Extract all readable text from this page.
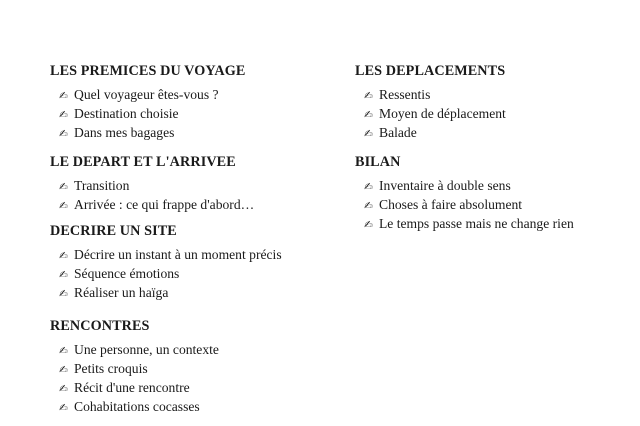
LES PREMICES DU VOYAGE
✍ Quel voyageur êtes-vous ?
✍ Destination choisie
✍ Dans mes bagages
LE DEPART ET L'ARRIVEE
✍ Transition
✍ Arrivée : ce qui frappe d'abord…
DECRIRE UN SITE
✍ Décrire un instant à un moment précis
✍ Séquence émotions
✍ Réaliser un haïga
RENCONTRES
✍ Une personne, un contexte
✍ Petits croquis
✍ Récit d'une rencontre
✍ Cohabitations cocasses
LES DEPLACEMENTS
✍ Ressentis
✍ Moyen de déplacement
✍ Balade
BILAN
✍ Inventaire à double sens
✍ Choses à faire absolument
✍ Le temps passe mais ne change rien
